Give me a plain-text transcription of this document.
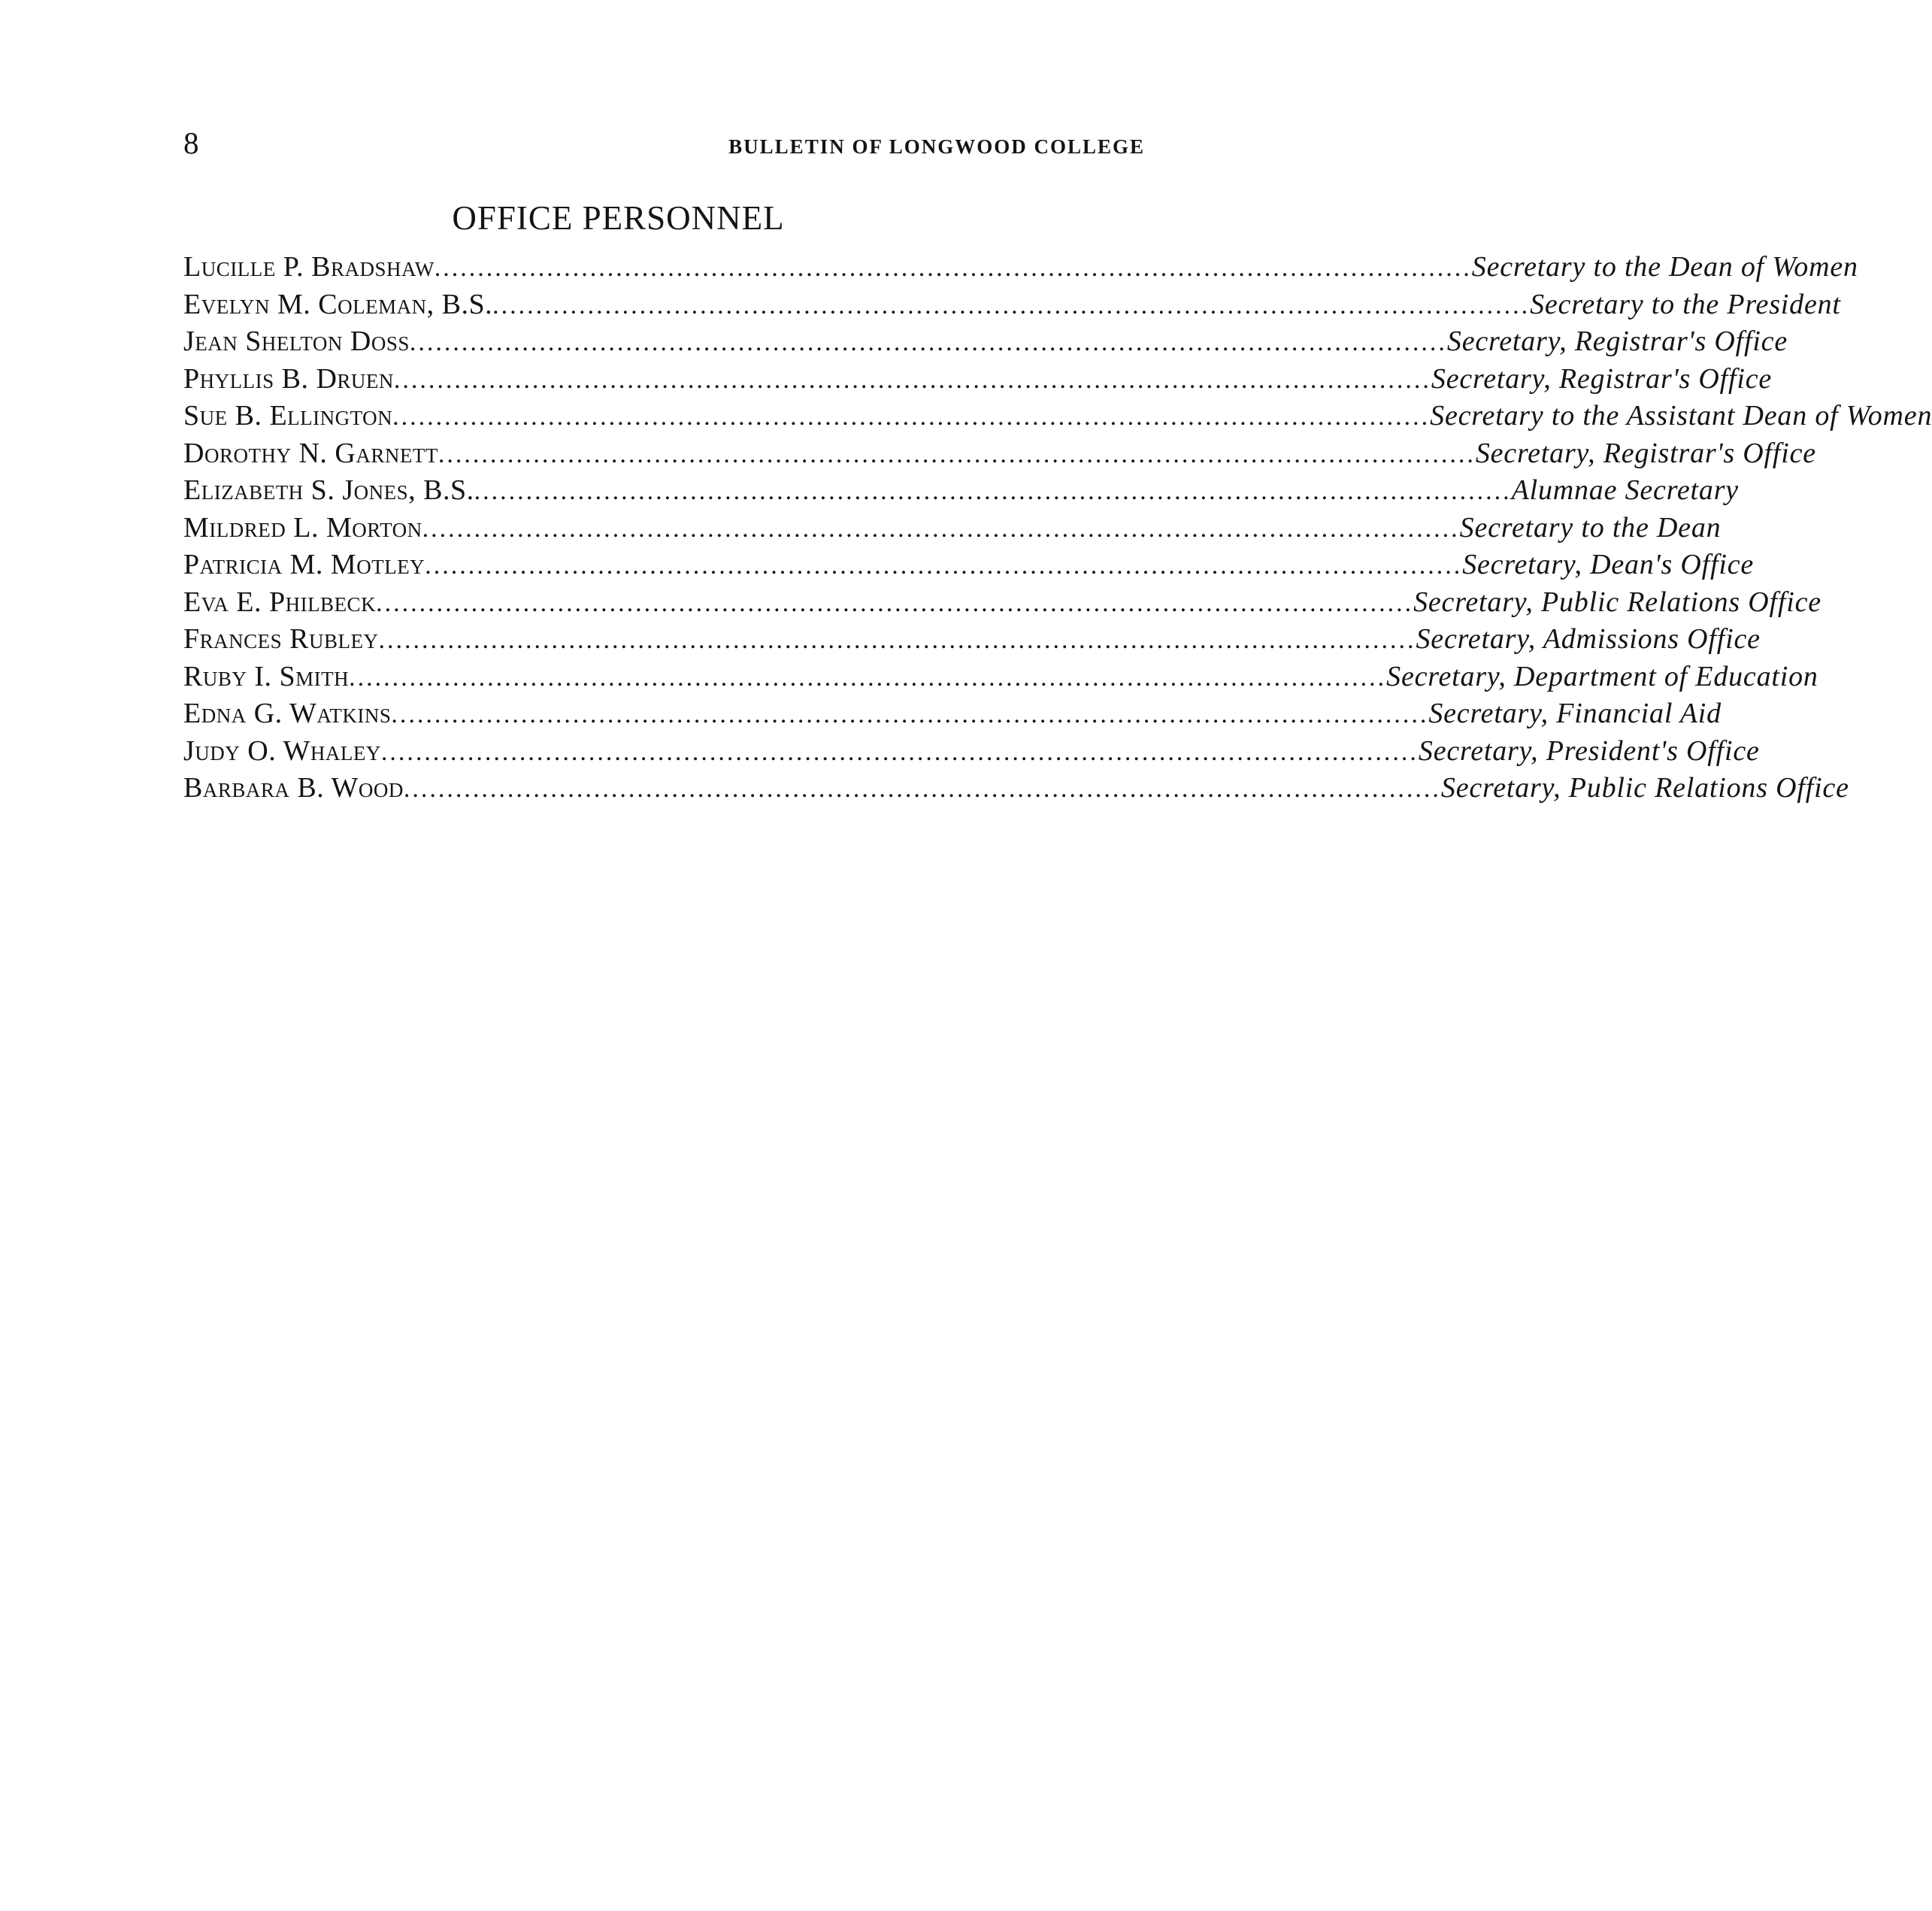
8	BULLETIN OF LONGWOOD COLLEGE
OFFICE PERSONNEL
Lucille P. Bradshaw ........................................................................................................................ Secretary to the Dean of Women
Evelyn M. Coleman, B.S. ........................................................................................................................ Secretary to the President
Jean Shelton Doss ........................................................................................................................ Secretary, Registrar's Office
Phyllis B. Druen ........................................................................................................................ Secretary, Registrar's Office
Sue B. Ellington ........................................................................................................................ Secretary to the Assistant Dean of Women
Dorothy N. Garnett ........................................................................................................................ Secretary, Registrar's Office
Elizabeth S. Jones, B.S. ........................................................................................................................ Alumnae Secretary
Mildred L. Morton ........................................................................................................................ Secretary to the Dean
Patricia M. Motley ........................................................................................................................ Secretary, Dean's Office
Eva E. Philbeck ........................................................................................................................ Secretary, Public Relations Office
Frances Rubley ........................................................................................................................ Secretary, Admissions Office
Ruby I. Smith ........................................................................................................................ Secretary, Department of Education
Edna G. Watkins ........................................................................................................................ Secretary, Financial Aid
Judy O. Whaley ........................................................................................................................ Secretary, President's Office
Barbara B. Wood ........................................................................................................................ Secretary, Public Relations Office
